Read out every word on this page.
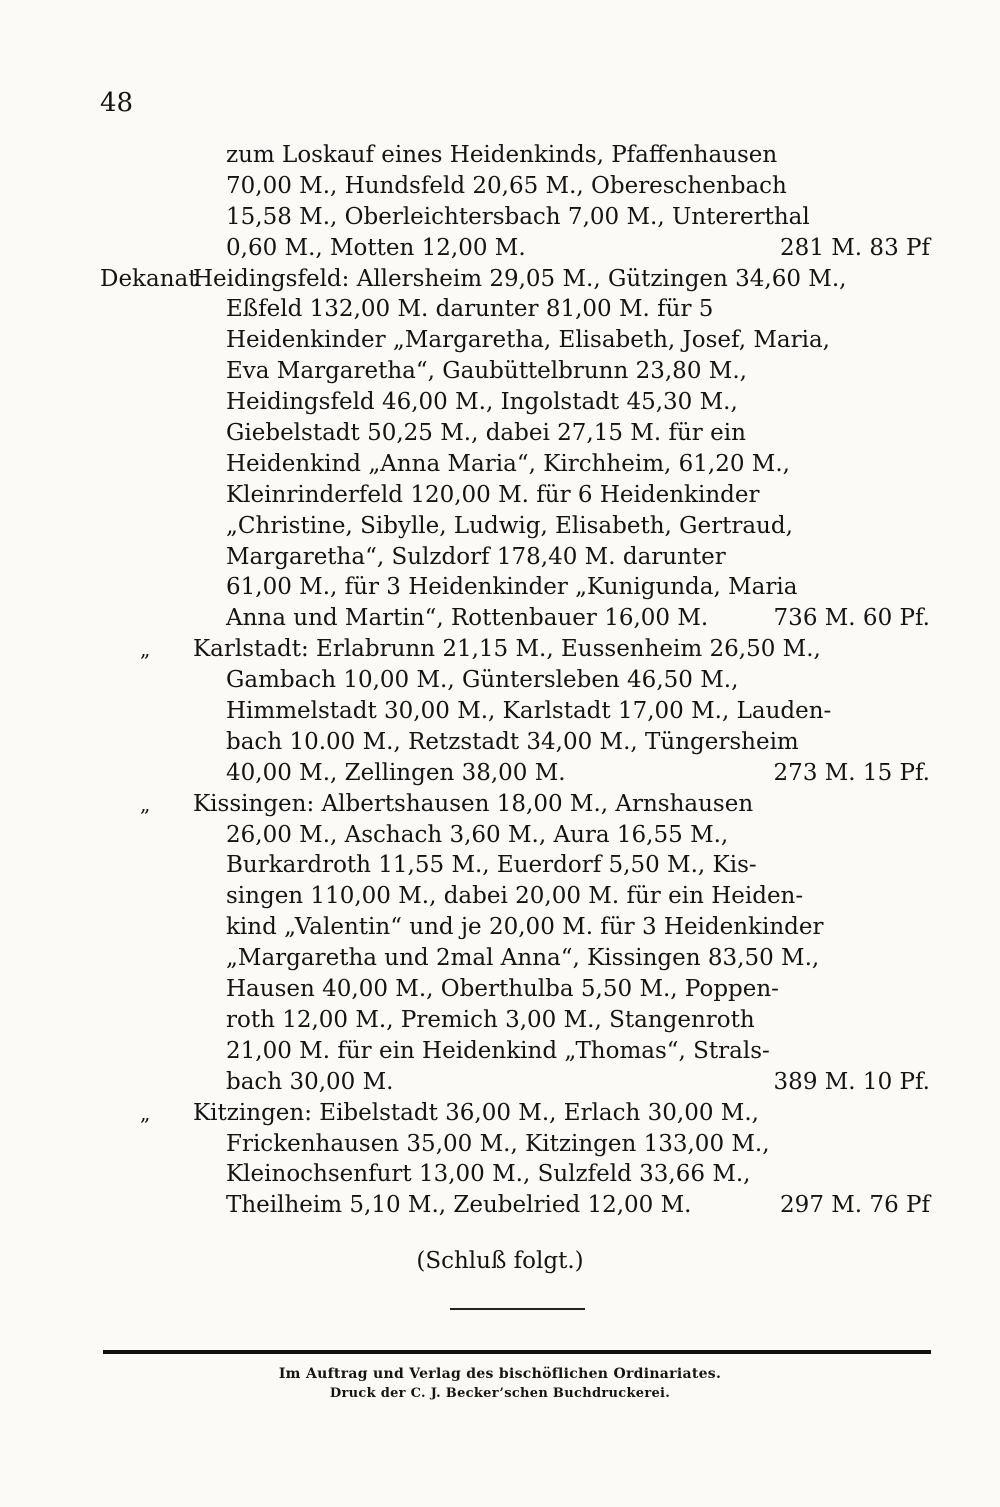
48
zum Loskauf eines Heidenkinds, Pfaffenhausen
70,00 M., Hundsfeld 20,65 M., Obereschenbach
15,58 M., Oberleichtersbach 7,00 M., Untererthal
0,60 M., Motten 12,00 M.	281 M. 83 Pf
Dekanat
Heidingsfeld: Allersheim 29,05 M., Gützingen 34,60 M.,
Eßfeld 132,00 M. darunter 81,00 M. für 5
Heidenkinder „Margaretha, Elisabeth, Josef, Maria,
Eva Margaretha“, Gaubüttelbrunn 23,80 M.,
Heidingsfeld 46,00 M., Ingolstadt 45,30 M.,
Giebelstadt 50,25 M., dabei 27,15 M. für ein
Heidenkind „Anna Maria“, Kirchheim, 61,20 M.,
Kleinrinderfeld 120,00 M. für 6 Heidenkinder
„Christine, Sibylle, Ludwig, Elisabeth, Gertraud,
Margaretha“, Sulzdorf 178,40 M. darunter
61,00 M., für 3 Heidenkinder „Kunigunda, Maria
Anna und Martin“, Rottenbauer 16,00 M.	736 M. 60 Pf.
„ Karlstadt: Erlabrunn 21,15 M., Eussenheim 26,50 M.,
Gambach 10,00 M., Güntersleben 46,50 M.,
Himmelstadt 30,00 M., Karlstadt 17,00 M., Lauden-
bach 10.00 M., Retzstadt 34,00 M., Tüngersheim
40,00 M., Zellingen 38,00 M.	273 M. 15 Pf.
„ Kissingen: Albertshausen 18,00 M., Arnshausen
26,00 M., Aschach 3,60 M., Aura 16,55 M.,
Burkardroth 11,55 M., Euerdorf 5,50 M., Kis-
singen 110,00 M., dabei 20,00 M. für ein Heiden-
kind „Valentin“ und je 20,00 M. für 3 Heidenkinder
„Margaretha und 2mal Anna“, Kissingen 83,50 M.,
Hausen 40,00 M., Oberthulba 5,50 M., Poppen-
roth 12,00 M., Premich 3,00 M., Stangenroth
21,00 M. für ein Heidenkind „Thomas“, Strals-
bach 30,00 M.	389 M. 10 Pf.
„ Kitzingen: Eibelstadt 36,00 M., Erlach 30,00 M.,
Frickenhausen 35,00 M., Kitzingen 133,00 M.,
Kleinochsenfurt 13,00 M., Sulzfeld 33,66 M.,
Theilheim 5,10 M., Zeubelried 12,00 M.	297 M. 76 Pf
(Schluß folgt.)
Im Auftrag und Verlag des bischöflichen Ordinariates.
Druck der C. J. Becker’schen Buchdruckerei.
